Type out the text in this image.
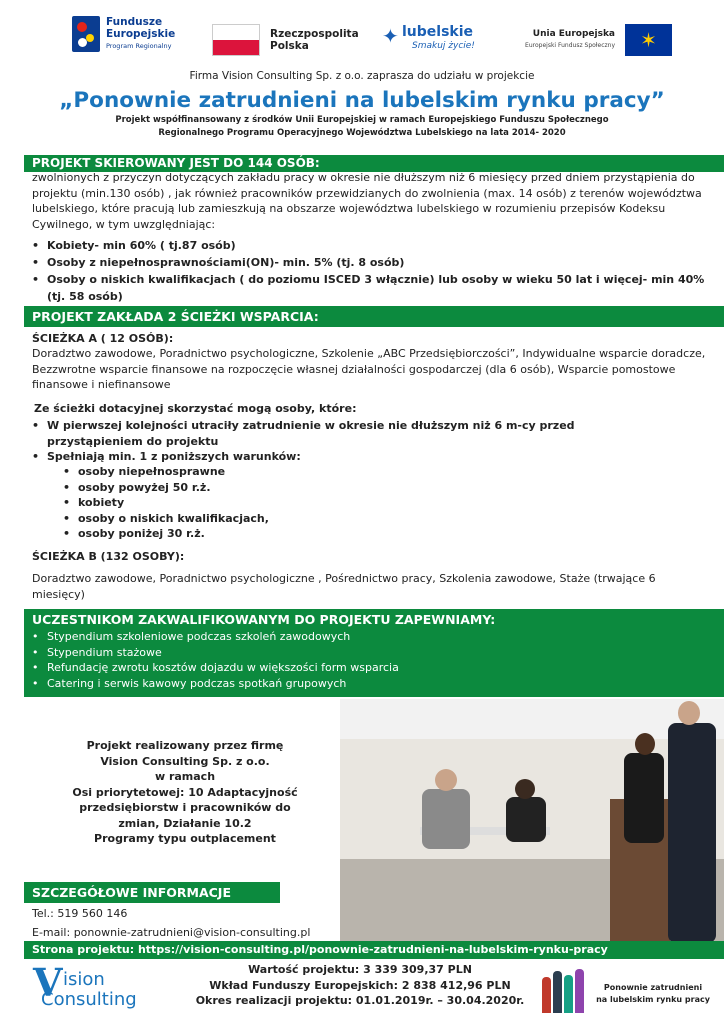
Fundusze Europejskie
Program Regionalny
Rzeczpospolita Polska	✦ lubelskie
Smakuj życie!
Unia Europejska
Europejski Fundusz Społeczny	✶
Firma Vision Consulting Sp. z o.o. zaprasza do udziału w projekcie
„Ponownie zatrudnieni na lubelskim rynku pracy”
Projekt współfinansowany z środków Unii Europejskiej w ramach Europejskiego Funduszu Społecznego
Regionalnego Programu Operacyjnego Województwa Lubelskiego na lata 2014- 2020
PROJEKT SKIEROWANY JEST DO 144 OSÓB:
zwolnionych z przyczyn dotyczących zakładu pracy w okresie nie dłuższym niż 6 miesięcy przed dniem przystąpienia do projektu (min.130 osób) , jak również pracowników przewidzianych do zwolnienia (max. 14 osób) z terenów województwa lubelskiego, które pracują lub zamieszkują na obszarze województwa lubelskiego w rozumieniu przepisów Kodeksu Cywilnego, w tym uwzględniając:
• Kobiety- min 60% ( tj.87 osób)
• Osoby z niepełnosprawnościami(ON)- min. 5% (tj. 8 osób)
• Osoby o niskich kwalifikacjach ( do poziomu ISCED 3 włącznie) lub osoby w wieku 50 lat i więcej- min 40%(tj. 58 osób)
PROJEKT ZAKŁADA 2 ŚCIEŻKI WSPARCIA:
ŚCIEŻKA A ( 12 OSÓB):
Doradztwo zawodowe, Poradnictwo psychologiczne, Szkolenie „ABC Przedsiębiorczości”, Indywidualne wsparcie doradcze, Bezzwrotne wsparcie finansowe na rozpoczęcie własnej działalności gospodarczej (dla 6 osób), Wsparcie pomostowe finansowe i niefinansowe
Ze ścieżki dotacyjnej skorzystać mogą osoby, które:
• W pierwszej kolejności utraciły zatrudnienie w okresie nie dłuższym niż 6 m-cy przed przystąpieniem do projektu
• Spełniają min. 1 z poniższych warunków:
• osoby niepełnosprawne
• osoby powyżej 50 r.ż.
• kobiety
• osoby o niskich kwalifikacjach,
• osoby poniżej 30 r.ż.
ŚCIEŻKA B (132 OSOBY):
Doradztwo zawodowe, Poradnictwo psychologiczne , Pośrednictwo pracy, Szkolenia zawodowe, Staże (trwające 6 miesięcy)
UCZESTNIKOM ZAKWALIFIKOWANYM DO PROJEKTU ZAPEWNIAMY:
• Stypendium szkoleniowe podczas szkoleń zawodowych
• Stypendium stażowe
• Refundację zwrotu kosztów dojazdu w większości form wsparcia
• Catering i serwis kawowy podczas spotkań grupowych
Projekt realizowany przez firmę
Vision Consulting Sp. z o.o.
w ramach
Osi priorytetowej: 10 Adaptacyjność
przedsiębiorstw i pracowników do
zmian, Działanie 10.2
Programy typu outplacement
SZCZEGÓŁOWE INFORMACJE
Tel.: 519 560 146
E-mail: ponownie-zatrudnieni@vision-consulting.pl
Strona projektu: https://vision-consulting.pl/ponownie-zatrudnieni-na-lubelskim-rynku-pracy
V ision
Consulting
Wartość projektu: 3 339 309,37 PLN
Wkład Funduszy Europejskich: 2 838 412,96 PLN
Okres realizacji projektu: 01.01.2019r. – 30.04.2020r.
Ponownie zatrudnieni
na lubelskim rynku pracy
